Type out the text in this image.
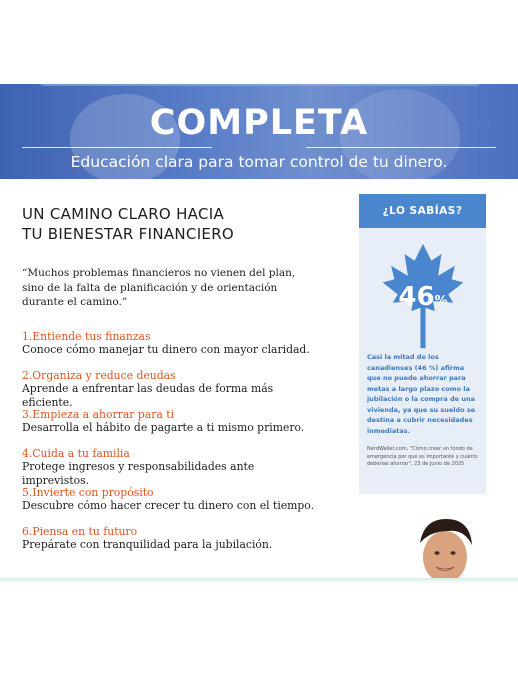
COMPLETA
Educación clara para tomar control de tu dinero.
UN CAMINO CLARO HACIA
TU BIENESTAR FINANCIERO
“Muchos problemas financieros no vienen del plan, sino de la falta de planificación y de orientación durante el camino.”
1.Entiende tus finanzas
Conoce cómo manejar tu dinero con mayor claridad.
2.Organiza y reduce deudas
Aprende a enfrentar las deudas de forma más eficiente.
3.Empieza a ahorrar para ti
Desarrolla el hábito de pagarte a ti mismo primero.
4.Cuida a tu familia
Protege ingresos y responsabilidades ante imprevistos.
5.Invierte con propósito
Descubre cómo hacer crecer tu dinero con el tiempo.
6.Piensa en tu futuro
Prepárate con tranquilidad para la jubilación.
¿LO SABÍAS?
46%
Casi la mitad de los canadienses (46 %) afirma que no puede ahorrar para metas a largo plazo como la jubilación o la compra de una vivienda, ya que su sueldo se destina a cubrir necesidades inmediatas.
NerdWallet.com, "Cómo crear un fondo de emergencia por qué es importante y cuánto deberías ahorrar", 23 de junio de 2025
